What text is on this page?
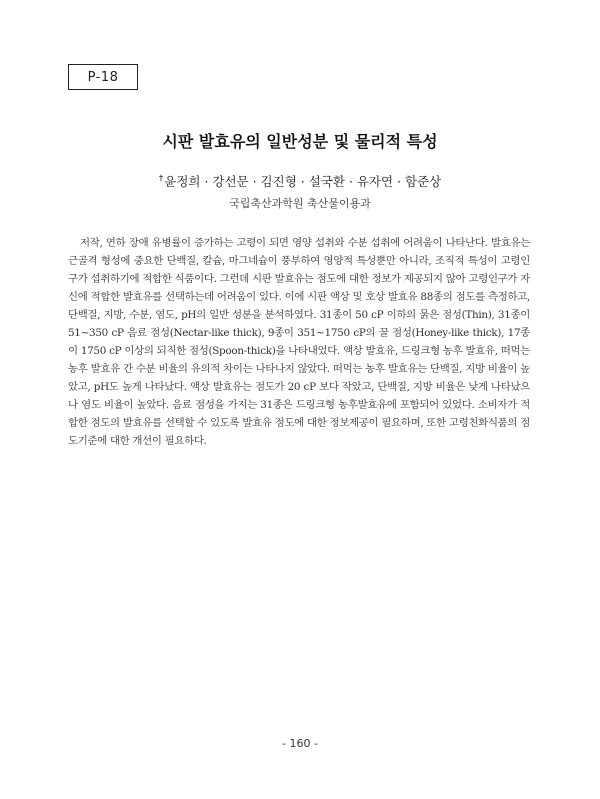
P-18
시판 발효유의 일반성분 및 물리적 특성
†윤정희 · 강선문 · 김진형 · 설국환 · 유자연 · 함준상
국립축산과학원 축산물이용과

저작, 연하 장애 유병률이 증가하는 고령이 되면 영양 섭취와 수분 섭취에 어려움이 나타난다. 발효유는 근골격 형성에 중요한 단백질, 칼슘, 마그네슘이 풍부하여 영양적 특성뿐만 아니라, 조직적 특성이 고령인구가 섭취하기에 적합한 식품이다. 그런데 시판 발효유는 점도에 대한 정보가 제공되지 않아 고령인구가 자신에 적합한 발효유를 선택하는데 어려움이 있다. 이에 시판 액상 및 호상 발효유 88종의 점도를 측정하고, 단백질, 지방, 수분, 염도, pH의 일반 성분을 분석하였다. 31종이 50 cP 이하의 묽은 점성(Thin), 31종이 51~350 cP 음료 점성(Nectar-like thick), 9종이 351~1750 cP의 꿀 점성(Honey-like thick), 17종이 1750 cP 이상의 되직한 점성(Spoon-thick)을 나타내었다. 액상 발효유, 드링크형 농후 발효유, 떠먹는 농후 발효유 간 수분 비율의 유의적 차이는 나타나지 않았다. 떠먹는 농후 발효유는 단백질, 지방 비율이 높았고, pH도 높게 나타났다. 액상 발효유는 점도가 20 cP 보다 작았고, 단백질, 지방 비율은 낮게 나타났으나 염도 비율이 높았다. 음료 점성을 가지는 31종은 드링크형 농후발효유에 포함되어 있었다. 소비자가 적합한 점도의 발효유를 선택할 수 있도록 발효유 점도에 대한 정보제공이 필요하며, 또한 고령친화식품의 점도기준에 대한 개선이 필요하다.

- 160 -
